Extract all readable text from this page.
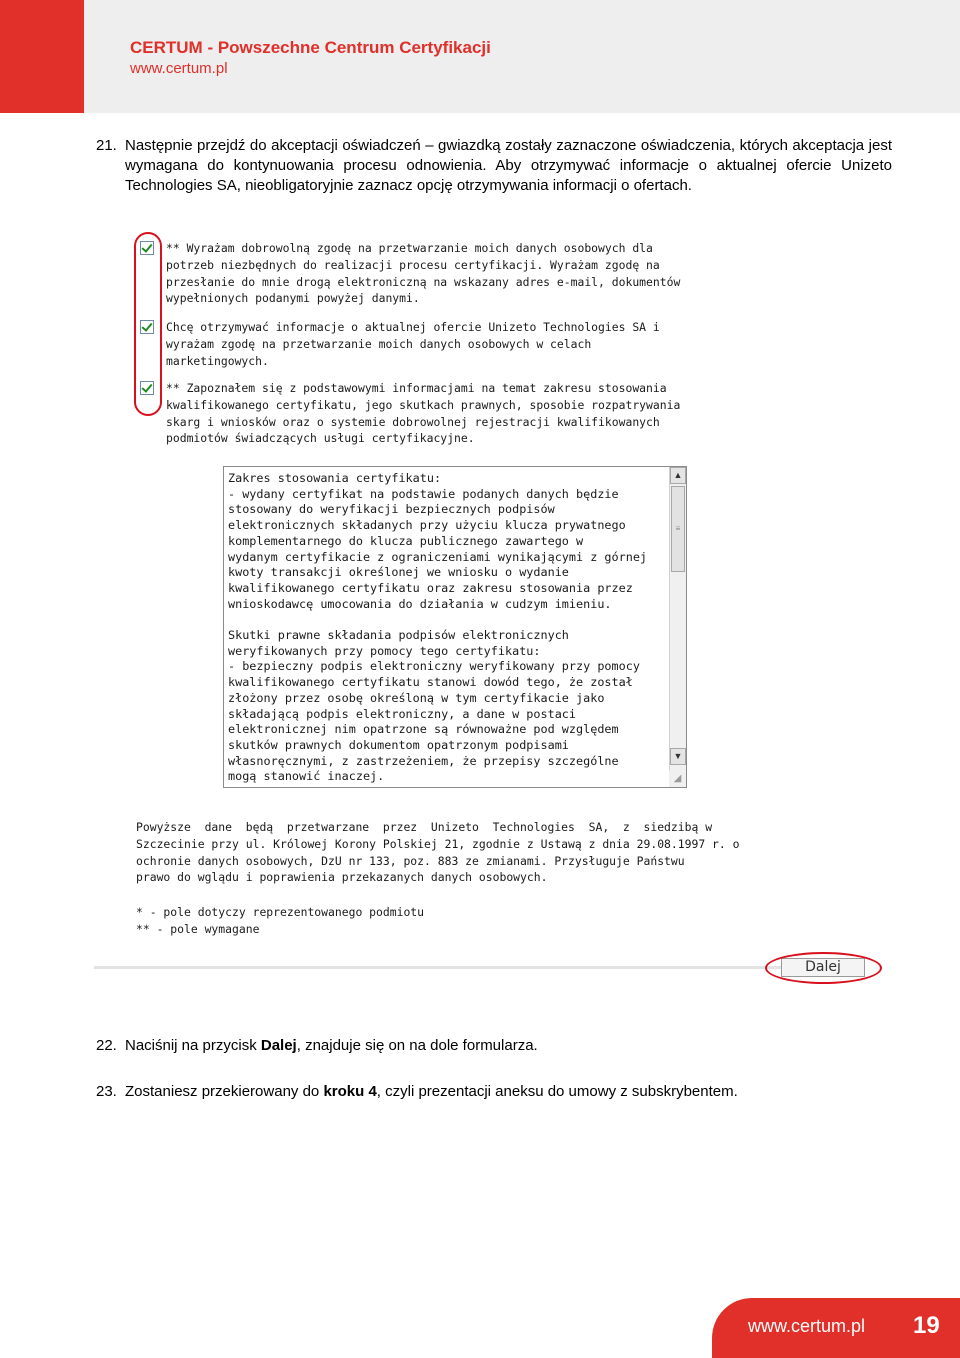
CERTUM - Powszechne Centrum Certyfikacji
www.certum.pl
21. Następnie przejdź do akceptacji oświadczeń – gwiazdką zostały zaznaczone oświadczenia, których akceptacja jest wymagana do kontynuowania procesu odnowienia. Aby otrzymywać informacje o aktualnej ofercie Unizeto Technologies SA, nieobligatoryjnie zaznacz opcję otrzymywania informacji o ofertach.
** Wyrażam dobrowolną zgodę na przetwarzanie moich danych osobowych dla
potrzeb niezbędnych do realizacji procesu certyfikacji. Wyrażam zgodę na
przesłanie do mnie drogą elektroniczną na wskazany adres e-mail, dokumentów
wypełnionych podanymi powyżej danymi.
Chcę otrzymywać informacje o aktualnej ofercie Unizeto Technologies SA i
wyrażam zgodę na przetwarzanie moich danych osobowych w celach
marketingowych.
** Zapoznałem się z podstawowymi informacjami na temat zakresu stosowania
kwalifikowanego certyfikatu, jego skutkach prawnych, sposobie rozpatrywania
skarg i wniosków oraz o systemie dobrowolnej rejestracji kwalifikowanych
podmiotów świadczących usługi certyfikacyjne.
Zakres stosowania certyfikatu:
- wydany certyfikat na podstawie podanych danych będzie
stosowany do weryfikacji bezpiecznych podpisów
elektronicznych składanych przy użyciu klucza prywatnego
komplementarnego do klucza publicznego zawartego w
wydanym certyfikacie z ograniczeniami wynikającymi z górnej
kwoty transakcji określonej we wniosku o wydanie
kwalifikowanego certyfikatu oraz zakresu stosowania przez
wnioskodawcę umocowania do działania w cudzym imieniu.

Skutki prawne składania podpisów elektronicznych
weryfikowanych przy pomocy tego certyfikatu:
- bezpieczny podpis elektroniczny weryfikowany przy pomocy
kwalifikowanego certyfikatu stanowi dowód tego, że został
złożony przez osobę określoną w tym certyfikacie jako
składającą podpis elektroniczny, a dane w postaci
elektronicznej nim opatrzone są równoważne pod względem
skutków prawnych dokumentom opatrzonym podpisami
własnoręcznymi, z zastrzeżeniem, że przepisy szczególne
mogą stanowić inaczej.
▲
≡
▼
◢
Powyższe  dane  będą  przetwarzane  przez  Unizeto  Technologies  SA,  z  siedzibą w
Szczecinie przy ul. Królowej Korony Polskiej 21, zgodnie z Ustawą z dnia 29.08.1997 r. o
ochronie danych osobowych, DzU nr 133, poz. 883 ze zmianami. Przysługuje Państwu
prawo do wglądu i poprawienia przekazanych danych osobowych.
* - pole dotyczy reprezentowanego podmiotu
** - pole wymagane
Dalej
22. Naciśnij na przycisk Dalej, znajduje się on na dole formularza.
23. Zostaniesz przekierowany do kroku 4, czyli prezentacji aneksu do umowy z subskrybentem.
www.certum.pl 19
